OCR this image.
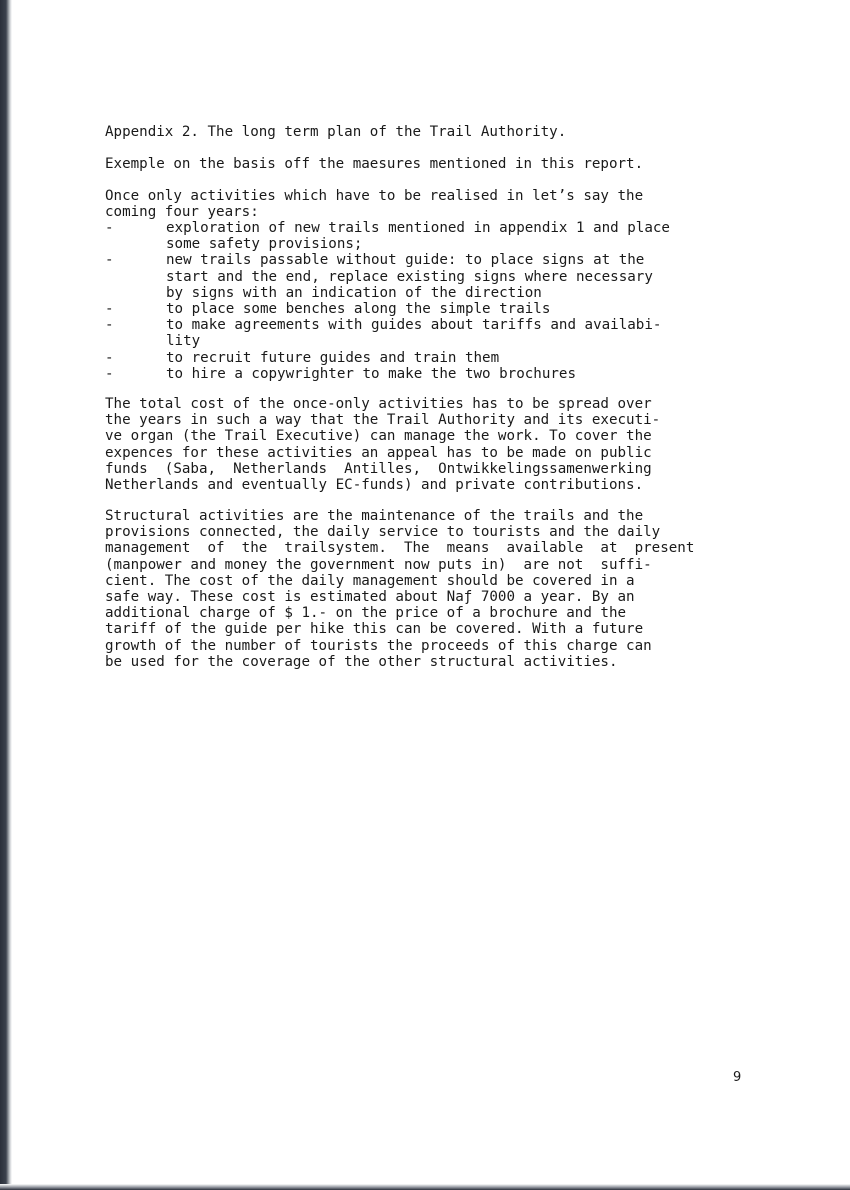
Appendix 2. The long term plan of the Trail Authority.

Exemple on the basis off the maesures mentioned in this report.

Once only activities which have to be realised in let’s say the
coming four years:

-	exploration of new trails mentioned in appendix 1 and place
some safety provisions;
-	new trails passable without guide: to place signs at the
start and the end, replace existing signs where necessary
by signs with an indication of the direction
-	to place some benches along the simple trails
-	to make agreements with guides about tariffs and availabi-
lity
-	to recruit future guides and train them
-	to hire a copywrighter to make the two brochures

The total cost of the once-only activities has to be spread over
the years in such a way that the Trail Authority and its executi-
ve organ (the Trail Executive) can manage the work. To cover the
expences for these activities an appeal has to be made on public
funds  (Saba,  Netherlands  Antilles,  Ontwikkelingssamenwerking
Netherlands and eventually EC-funds) and private contributions.

Structural activities are the maintenance of the trails and the
provisions connected, the daily service to tourists and the daily
management  of  the  trailsystem.  The  means  available  at  present
(manpower and money the government now puts in)  are not  suffi-
cient. The cost of the daily management should be covered in a
safe way. These cost is estimated about Naƒ 7000 a year. By an
additional charge of $ 1.- on the price of a brochure and the
tariff of the guide per hike this can be covered. With a future
growth of the number of tourists the proceeds of this charge can
be used for the coverage of the other structural activities.

9
